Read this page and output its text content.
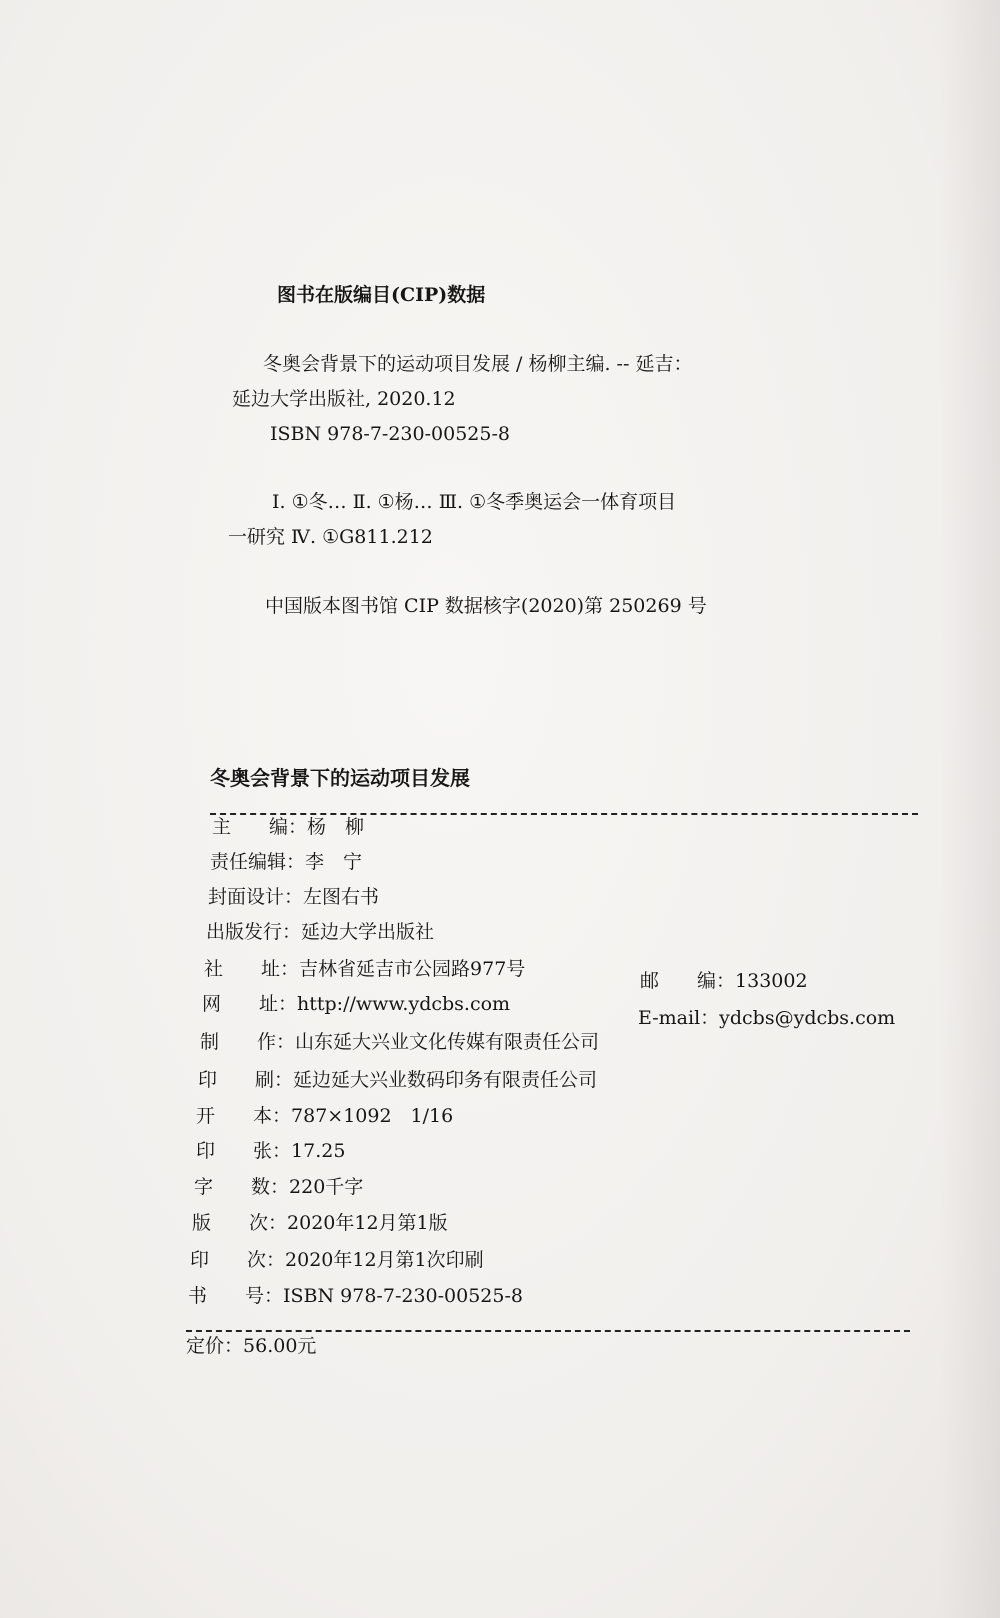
图书在版编目(CIP)数据
冬奥会背景下的运动项目发展 / 杨柳主编. -- 延吉：
延边大学出版社, 2020.12
ISBN 978-7-230-00525-8
Ⅰ. ①冬… Ⅱ. ①杨… Ⅲ. ①冬季奥运会一体育项目
一研究 Ⅳ. ①G811.212
中国版本图书馆 CIP 数据核字(2020)第 250269 号
冬奥会背景下的运动项目发展
主　　编：杨　柳
责任编辑：李　宁
封面设计：左图右书
出版发行：延边大学出版社
社　　址：吉林省延吉市公园路977号
邮　　编：133002
网　　址：http://www.ydcbs.com
E-mail：ydcbs@ydcbs.com
制　　作：山东延大兴业文化传媒有限责任公司
印　　刷：延边延大兴业数码印务有限责任公司
开　　本：787×1092　1/16
印　　张：17.25
字　　数：220千字
版　　次：2020年12月第1版
印　　次：2020年12月第1次印刷
书　　号：ISBN 978-7-230-00525-8
定价：56.00元
